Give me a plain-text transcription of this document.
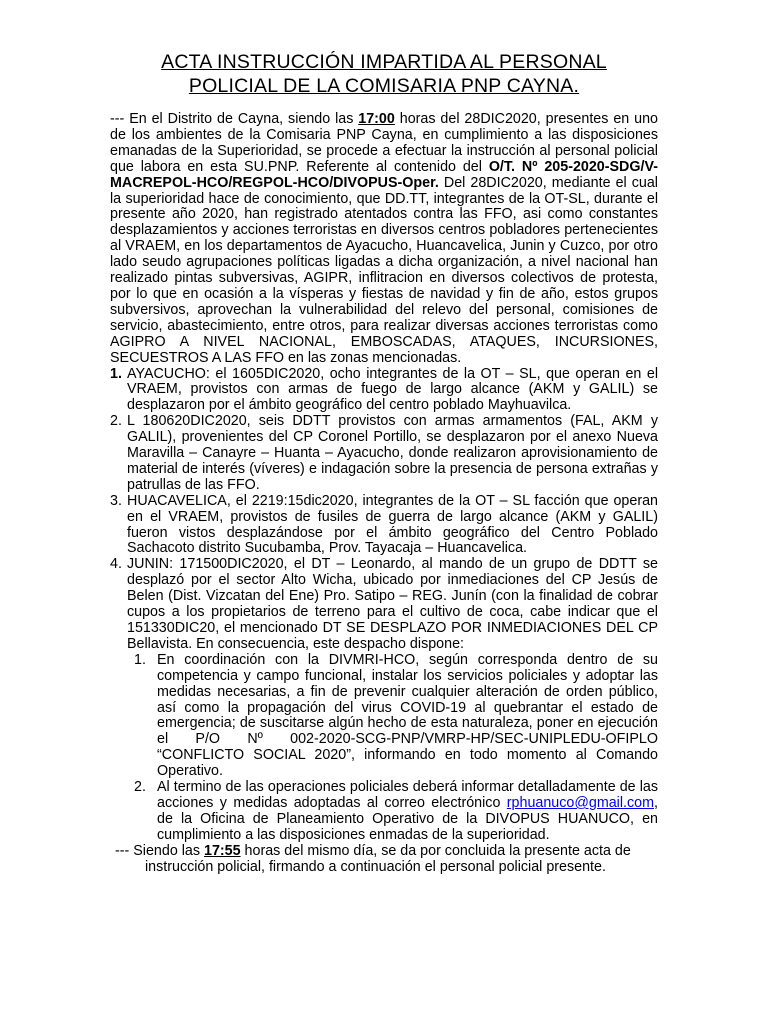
ACTA INSTRUCCIÓN IMPARTIDA AL PERSONAL
POLICIAL DE LA COMISARIA PNP CAYNA.

--- En el Distrito de Cayna, siendo las 17:00 horas del 28DIC2020, presentes en uno de los ambientes de la Comisaria PNP Cayna, en cumplimiento a las disposiciones emanadas de la Superioridad, se procede a efectuar la instrucción al personal policial que labora en esta SU.PNP. Referente al contenido del O/T. Nº 205-2020-SDG/V-MACREPOL-HCO/REGPOL-HCO/DIVOPUS-Oper. Del 28DIC2020, mediante el cual la superioridad hace de conocimiento, que DD.TT, integrantes de la OT-SL, durante el presente año 2020, han registrado atentados contra las FFO, asi como constantes desplazamientos y acciones terroristas en diversos centros pobladores pertenecientes al VRAEM, en los departamentos de Ayacucho, Huancavelica, Junin y Cuzco, por otro lado seudo agrupaciones políticas ligadas a dicha organización, a nivel nacional han realizado pintas subversivas, AGIPR, inflitracion en diversos colectivos de protesta, por lo que en ocasión a la vísperas y fiestas de navidad y fin de año, estos grupos subversivos, aprovechan la vulnerabilidad del relevo del personal, comisiones de servicio, abastecimiento, entre otros, para realizar diversas acciones terroristas como AGIPRO A NIVEL NACIONAL, EMBOSCADAS, ATAQUES, INCURSIONES, SECUESTROS A LAS FFO en las zonas mencionadas.

1. AYACUCHO: el 1605DIC2020, ocho integrantes de la OT – SL, que operan en el VRAEM, provistos con armas de fuego de largo alcance (AKM y GALIL) se desplazaron por el ámbito geográfico del centro poblado Mayhuavilca.
2. L 180620DIC2020, seis DDTT provistos con armas armamentos (FAL, AKM y GALIL), provenientes del CP Coronel Portillo, se desplazaron por el anexo Nueva Maravilla – Canayre – Huanta – Ayacucho, donde realizaron aprovisionamiento de material de interés (víveres) e indagación sobre la presencia de persona extrañas y patrullas de las FFO.
3. HUACAVELICA, el 2219:15dic2020, integrantes de la OT – SL facción que operan en el VRAEM, provistos de fusiles de guerra de largo alcance (AKM y GALIL) fueron vistos desplazándose por el ámbito geográfico del Centro Poblado Sachacoto distrito Sucubamba, Prov. Tayacaja – Huancavelica.
4. JUNIN: 171500DIC2020, el DT – Leonardo, al mando de un grupo de DDTT se desplazó por el sector Alto Wicha, ubicado por inmediaciones del CP Jesús de Belen (Dist. Vizcatan del Ene) Pro. Satipo – REG. Junín (con la finalidad de cobrar cupos a los propietarios de terreno para el cultivo de coca, cabe indicar que el 151330DIC20, el mencionado DT SE DESPLAZO POR INMEDIACIONES DEL CP Bellavista. En consecuencia, este despacho dispone:
1. En coordinación con la DIVMRI-HCO, según corresponda dentro de su competencia y campo funcional, instalar los servicios policiales y adoptar las medidas necesarias, a fin de prevenir cualquier alteración de orden público, así como la propagación del virus COVID-19 al quebrantar el estado de emergencia; de suscitarse algún hecho de esta naturaleza, poner en ejecución el P/O Nº 002-2020-SCG-PNP/VMRP-HP/SEC-UNIPLEDU-OFIPLO “CONFLICTO SOCIAL 2020”, informando en todo momento al Comando Operativo.
2. Al termino de las operaciones policiales deberá informar detalladamente de las acciones y medidas adoptadas al correo electrónico rphuanuco@gmail.com, de la Oficina de Planeamiento Operativo de la DIVOPUS HUANUCO, en cumplimiento a las disposiciones enmadas de la superioridad.

--- Siendo las 17:55 horas del mismo día, se da por concluida la presente acta de instrucción policial, firmando a continuación el personal policial presente.
